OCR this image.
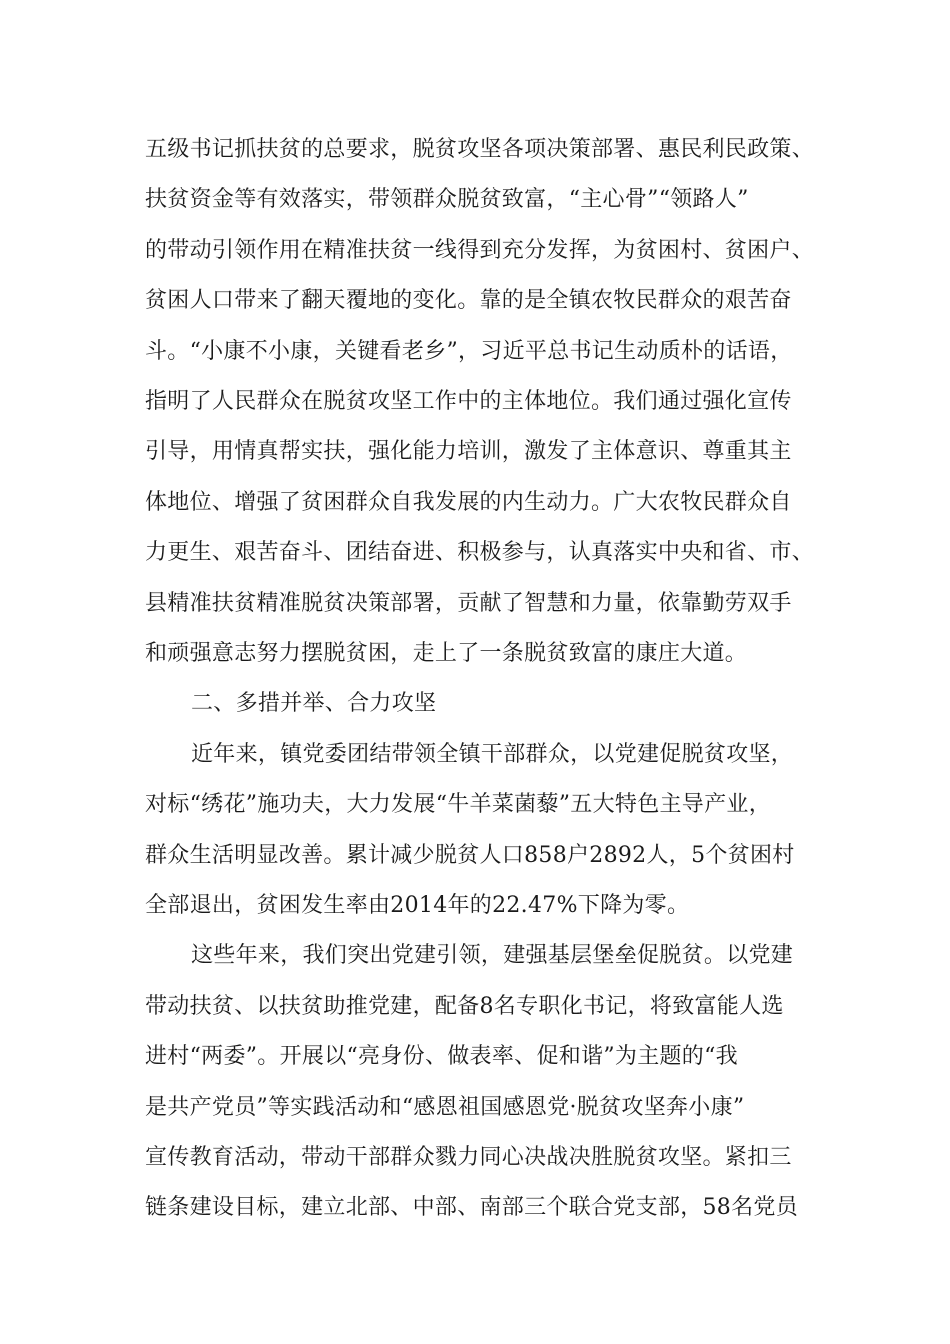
五级书记抓扶贫的总要求，脱贫攻坚各项决策部署、惠民利民政策、
扶贫资金等有效落实，带领群众脱贫致富，“主心骨”“领路人”
的带动引领作用在精准扶贫一线得到充分发挥，为贫困村、贫困户、
贫困人口带来了翻天覆地的变化。靠的是全镇农牧民群众的艰苦奋
斗。“小康不小康，关键看老乡”，习近平总书记生动质朴的话语，
指明了人民群众在脱贫攻坚工作中的主体地位。我们通过强化宣传
引导，用情真帮实扶，强化能力培训，激发了主体意识、尊重其主
体地位、增强了贫困群众自我发展的内生动力。广大农牧民群众自
力更生、艰苦奋斗、团结奋进、积极参与，认真落实中央和省、市、
县精准扶贫精准脱贫决策部署，贡献了智慧和力量，依靠勤劳双手
和顽强意志努力摆脱贫困，走上了一条脱贫致富的康庄大道。
二、多措并举、合力攻坚
近年来，镇党委团结带领全镇干部群众，以党建促脱贫攻坚，
对标“绣花”施功夫，大力发展“牛羊菜菌藜”五大特色主导产业，
群众生活明显改善。累计减少脱贫人口858户2892人，5个贫困村
全部退出，贫困发生率由2014年的22.47%下降为零。
这些年来，我们突出党建引领，建强基层堡垒促脱贫。以党建
带动扶贫、以扶贫助推党建，配备8名专职化书记，将致富能人选
进村“两委”。开展以“亮身份、做表率、促和谐”为主题的“我
是共产党员”等实践活动和“感恩祖国感恩党·脱贫攻坚奔小康”
宣传教育活动，带动干部群众戮力同心决战决胜脱贫攻坚。紧扣三
链条建设目标，建立北部、中部、南部三个联合党支部，58名党员
